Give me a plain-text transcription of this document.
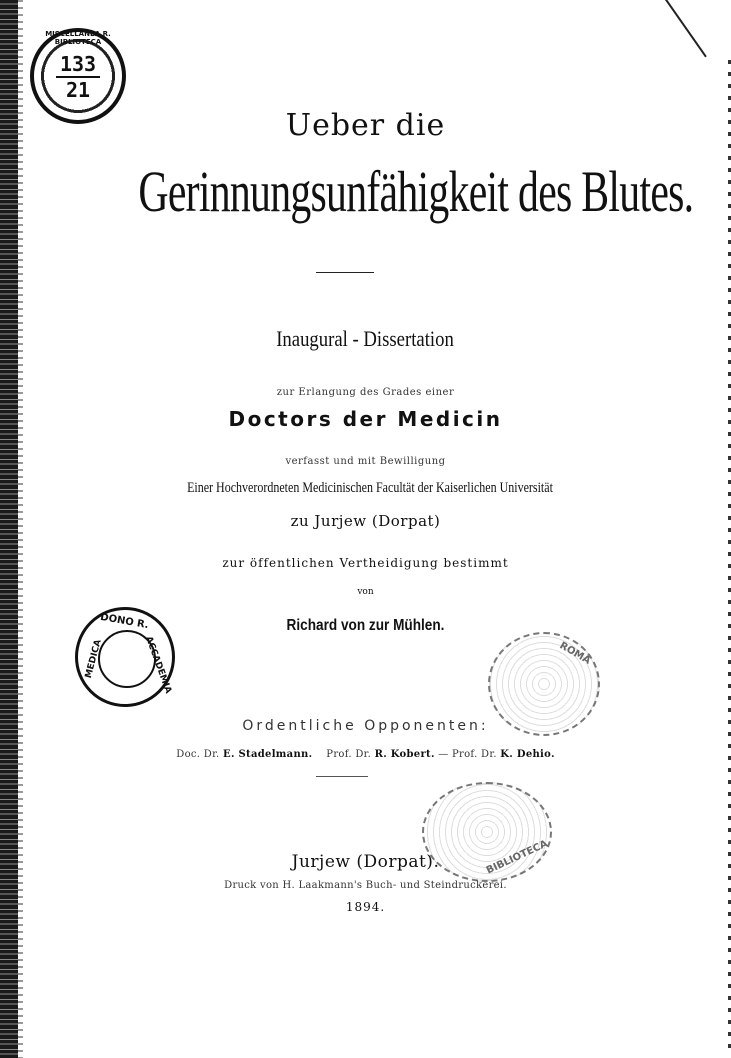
MISCELLANEA R. BIBLIOTECA
133
21
Ueber die
Gerinnungsunfähigkeit des Blutes.
Inaugural - Dissertation
zur Erlangung des Grades einer
Doctors der Medicin
verfasst und mit Bewilligung
Einer Hochverordneten Medicinischen Facultät der Kaiserlichen Universität
zu Jurjew (Dorpat)
zur öffentlichen Vertheidigung bestimmt
von
Richard von zur Mühlen.
DONO R.
ACCADEMIA
MEDICA	ROMA
BIBLIOTECA
Ordentliche Opponenten:
Doc. Dr. E. Stadelmann. Prof. Dr. R. Kobert. — Prof. Dr. K. Dehio.
Jurjew (Dorpat).
Druck von H. Laakmann's Buch- und Steindruckerei.
1894.
